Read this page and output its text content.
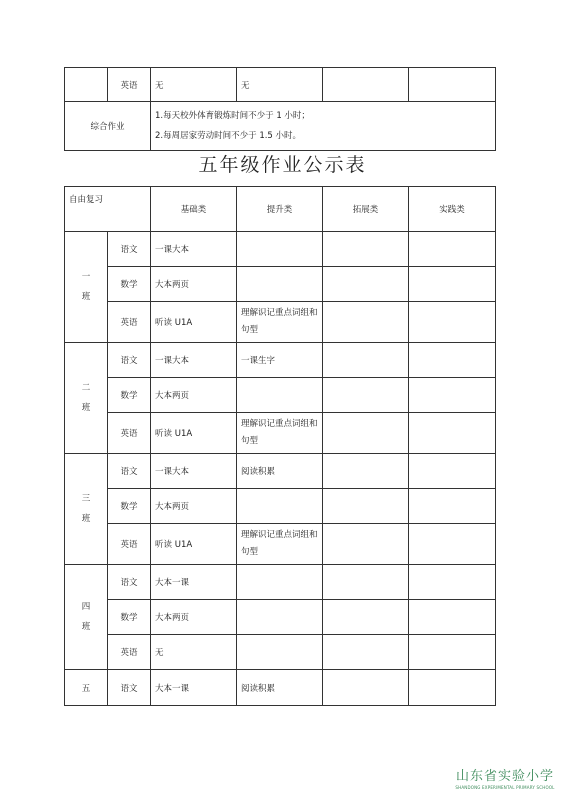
	英语	无	无		
综合作业		1.每天校外体育锻炼时间不少于 1 小时；
2.每周居家劳动时间不少于 1.5 小时。			
五年级作业公示表
自由复习		基础类	提升类	拓展类	实践类

一
班	语文	一课大本			
	数学	大本两页			
	英语	听读 U1A	理解识记重点词组和句型		

二
班	语文	一课大本	一课生字		
	数学	大本两页			
	英语	听读 U1A	理解识记重点词组和句型		

三
班	语文	一课大本	阅读积累		
	数学	大本两页			
	英语	听读 U1A	理解识记重点词组和句型		

四
班	语文	大本一课			
	数学	大本两页			
	英语	无			
五	语文	大本一课	阅读积累		
山东省实验小学
SHANDONG EXPERIMENTAL PRIMARY SCHOOL
